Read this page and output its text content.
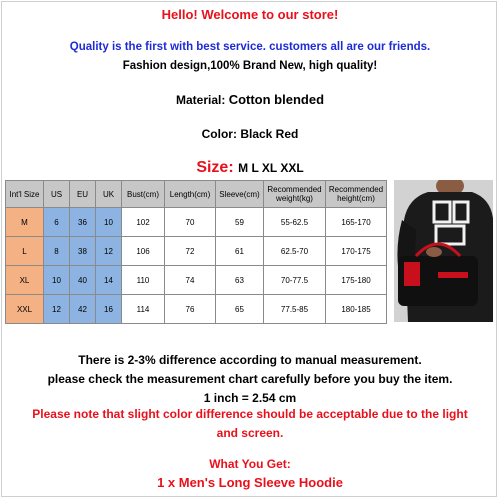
Hello! Welcome to our store!
Quality is the first with best service. customers all are our friends.
Fashion design,100% Brand New, high quality!
Material: Cotton blended
Color: Black Red
Size: M L XL XXL
Int'l Size	US	EU	UK	Bust(cm)	Length(cm)	Sleeve(cm)	Recommended weight(kg)	Recommended height(cm)
M	6	36	10	102	70	59	55-62.5	165-170
L	8	38	12	106	72	61	62.5-70	170-175
XL	10	40	14	110	74	63	70-77.5	175-180
XXL	12	42	16	114	76	65	77.5-85	180-185
There is 2-3% difference according to manual measurement.
please check the measurement chart carefully before you buy the item.
1 inch = 2.54 cm
Please note that slight color difference should be acceptable due to the light
and screen.
What You Get:
1 x Men's Long Sleeve Hoodie
